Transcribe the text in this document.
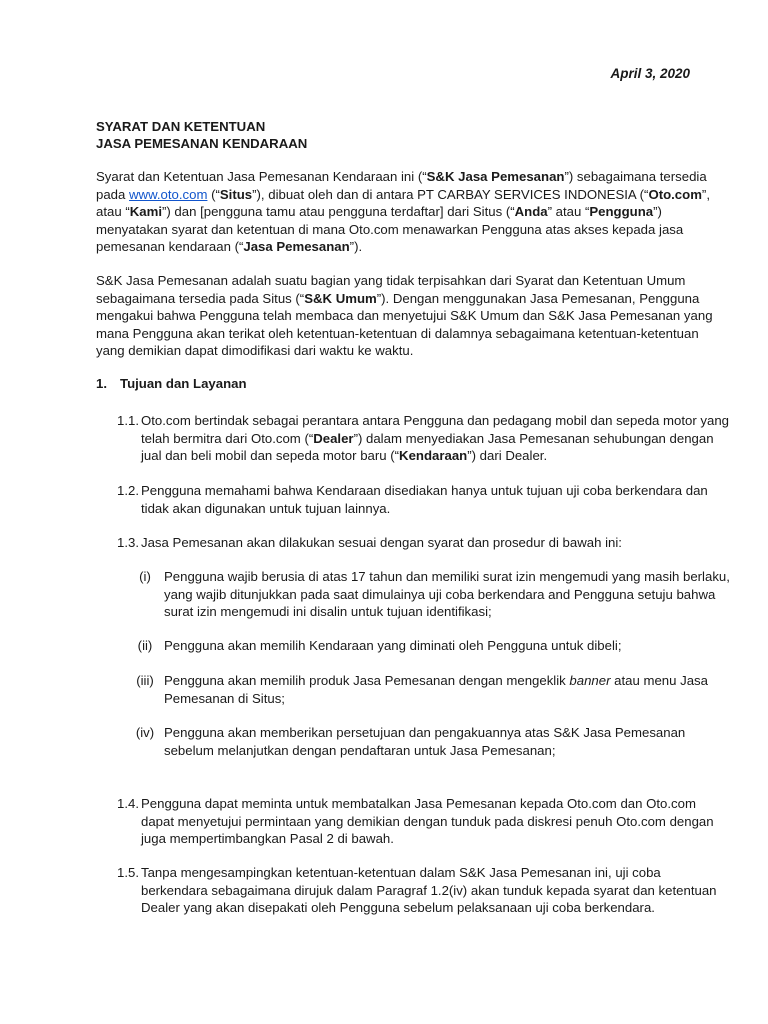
April 3, 2020
SYARAT DAN KETENTUAN
JASA PEMESANAN KENDARAAN
Syarat dan Ketentuan Jasa Pemesanan Kendaraan ini (“S&K Jasa Pemesanan”) sebagaimana tersedia pada www.oto.com (“Situs”), dibuat oleh dan di antara PT CARBAY SERVICES INDONESIA (“Oto.com”, atau “Kami”) dan [pengguna tamu atau pengguna terdaftar] dari Situs (“Anda” atau “Pengguna”) menyatakan syarat dan ketentuan di mana Oto.com menawarkan Pengguna atas akses kepada jasa pemesanan kendaraan (“Jasa Pemesanan”).
S&K Jasa Pemesanan adalah suatu bagian yang tidak terpisahkan dari Syarat dan Ketentuan Umum sebagaimana tersedia pada Situs (“S&K Umum”). Dengan menggunakan Jasa Pemesanan, Pengguna mengakui bahwa Pengguna telah membaca dan menyetujui S&K Umum dan S&K Jasa Pemesanan yang mana Pengguna akan terikat oleh ketentuan-ketentuan di dalamnya sebagaimana ketentuan-ketentuan yang demikian dapat dimodifikasi dari waktu ke waktu.
1. Tujuan dan Layanan
1.1. Oto.com bertindak sebagai perantara antara Pengguna dan pedagang mobil dan sepeda motor yang telah bermitra dari Oto.com (“Dealer”) dalam menyediakan Jasa Pemesanan sehubungan dengan jual dan beli mobil dan sepeda motor baru (“Kendaraan”) dari Dealer.
1.2. Pengguna memahami bahwa Kendaraan disediakan hanya untuk tujuan uji coba berkendara dan tidak akan digunakan untuk tujuan lainnya.
1.3. Jasa Pemesanan akan dilakukan sesuai dengan syarat dan prosedur di bawah ini:
(i) Pengguna wajib berusia di atas 17 tahun dan memiliki surat izin mengemudi yang masih berlaku, yang wajib ditunjukkan pada saat dimulainya uji coba berkendara and Pengguna setuju bahwa surat izin mengemudi ini disalin untuk tujuan identifikasi;
(ii) Pengguna akan memilih Kendaraan yang diminati oleh Pengguna untuk dibeli;
(iii) Pengguna akan memilih produk Jasa Pemesanan dengan mengeklik banner atau menu Jasa Pemesanan di Situs;
(iv) Pengguna akan memberikan persetujuan dan pengakuannya atas S&K Jasa Pemesanan sebelum melanjutkan dengan pendaftaran untuk Jasa Pemesanan;
1.4. Pengguna dapat meminta untuk membatalkan Jasa Pemesanan kepada Oto.com dan Oto.com dapat menyetujui permintaan yang demikian dengan tunduk pada diskresi penuh Oto.com dengan juga mempertimbangkan Pasal 2 di bawah.
1.5. Tanpa mengesampingkan ketentuan-ketentuan dalam S&K Jasa Pemesanan ini, uji coba berkendara sebagaimana dirujuk dalam Paragraf 1.2(iv) akan tunduk kepada syarat dan ketentuan Dealer yang akan disepakati oleh Pengguna sebelum pelaksanaan uji coba berkendara.
